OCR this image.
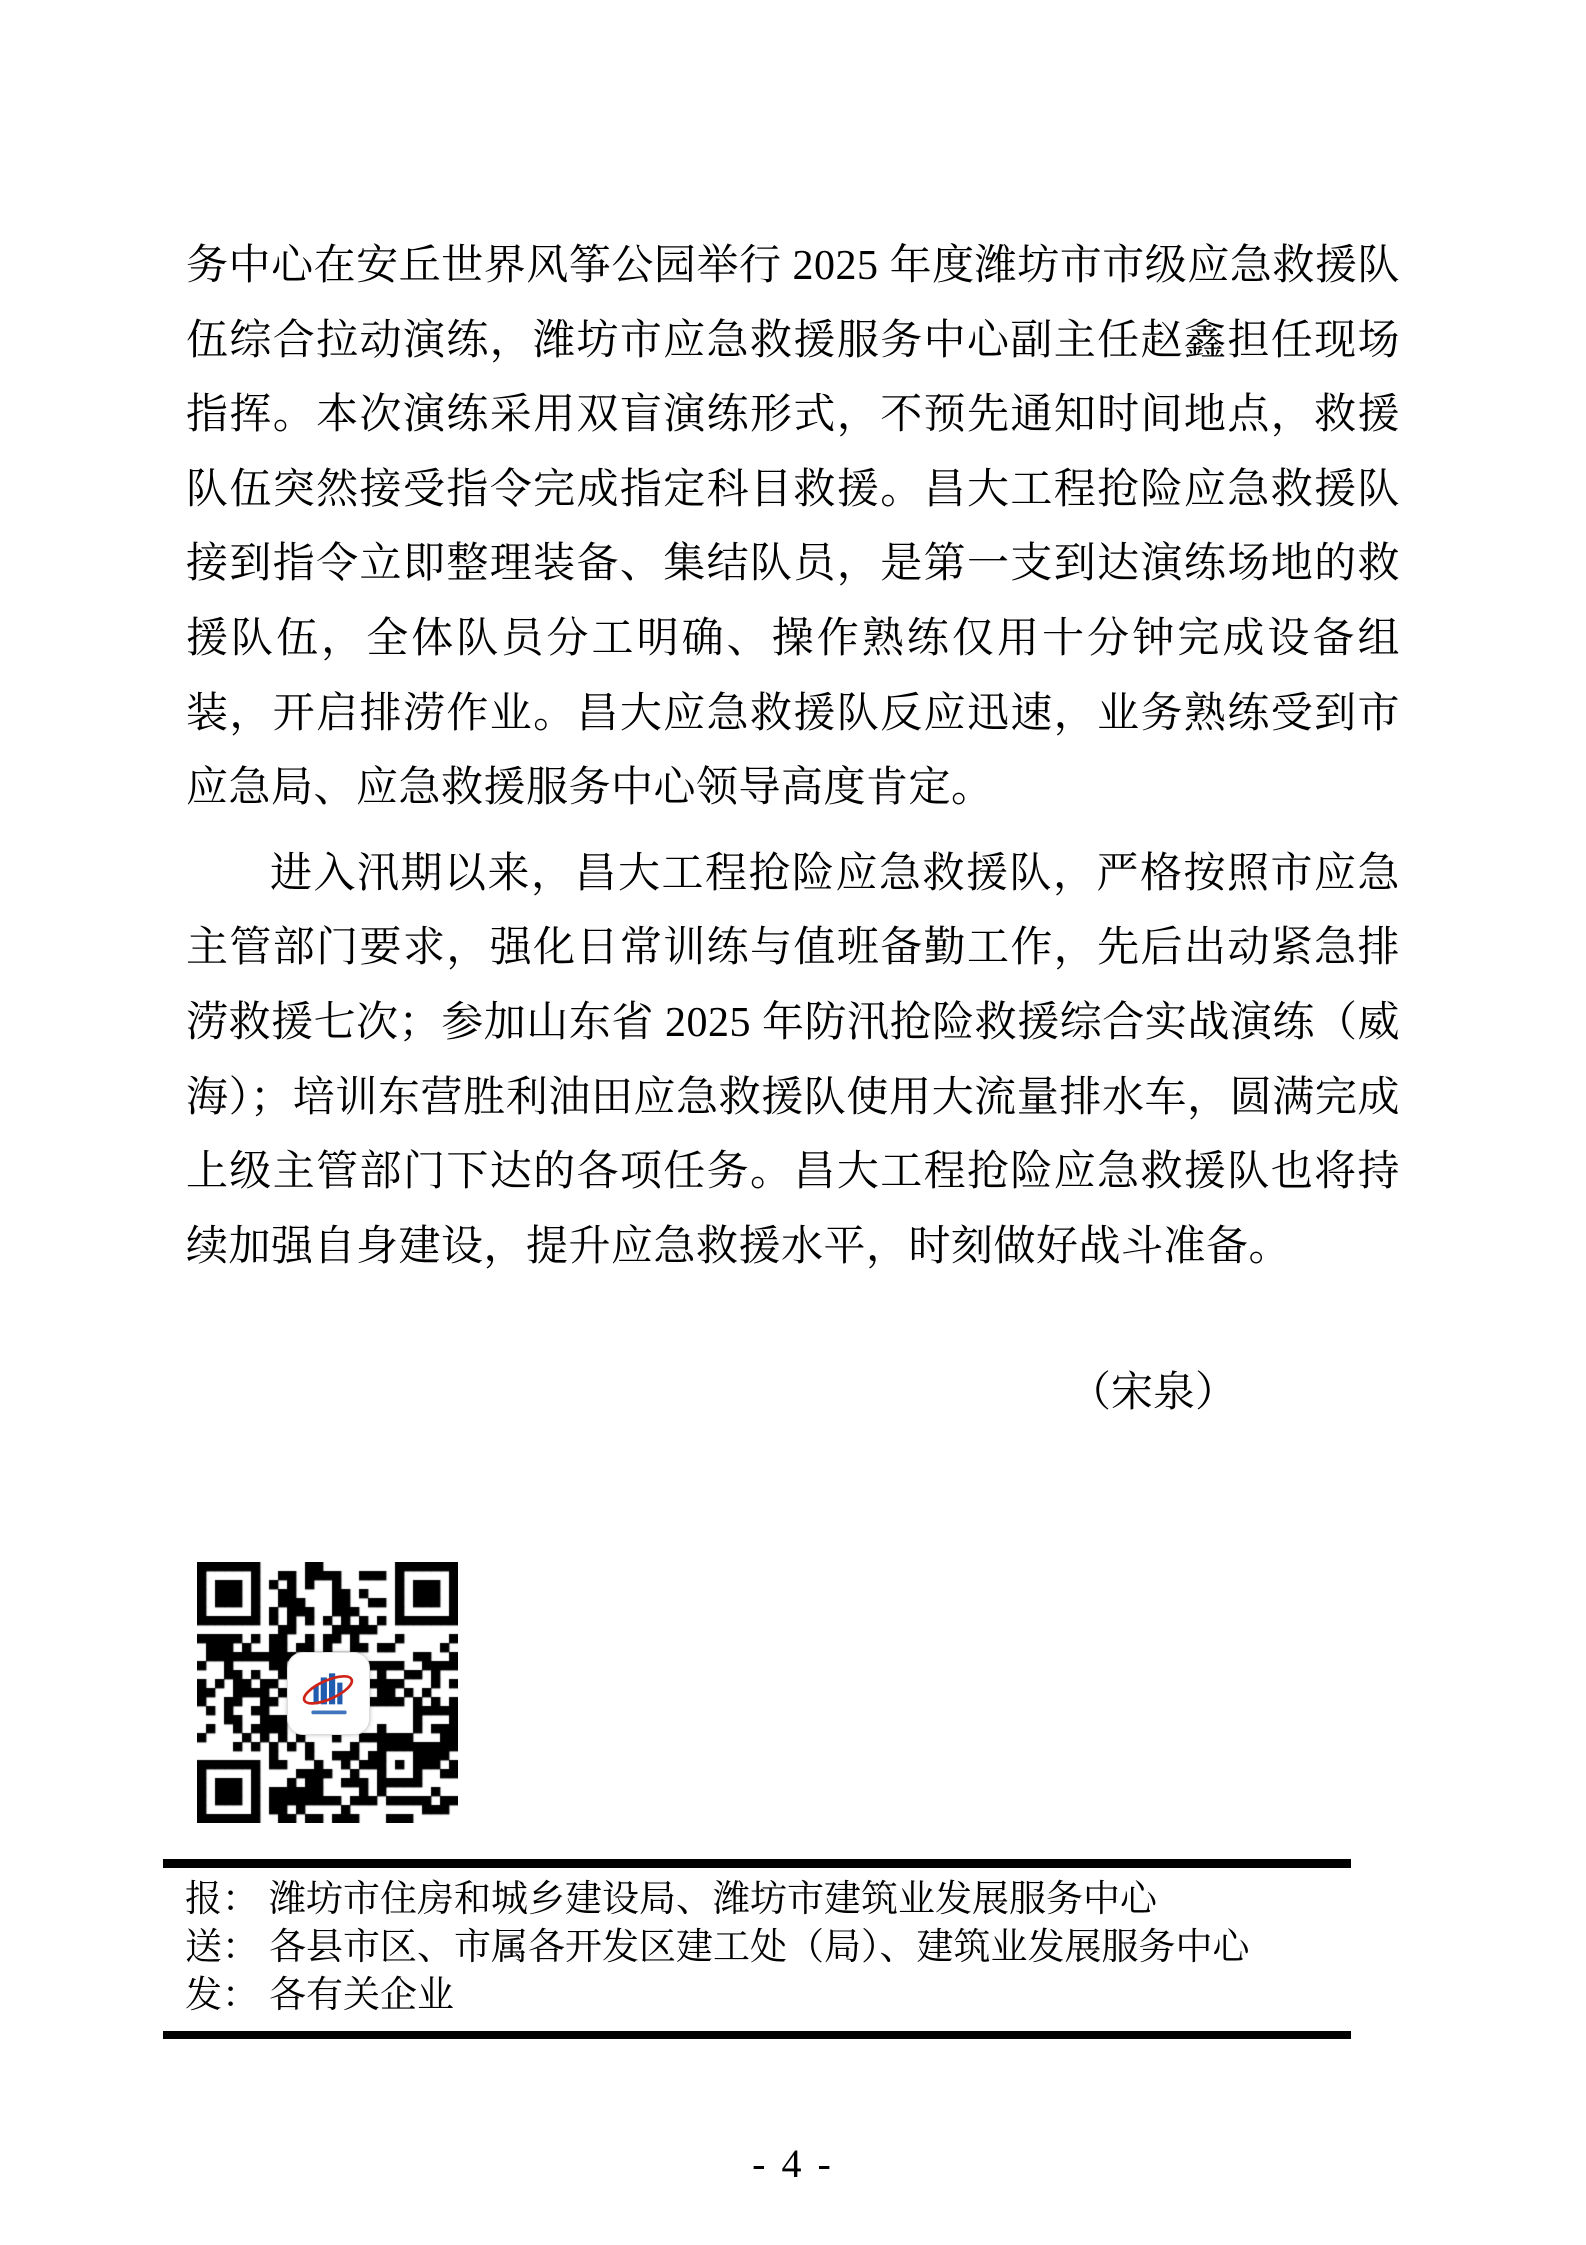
务中心在安丘世界风筝公园举行 2025 年度潍坊市市级应急救援队伍综合拉动演练，潍坊市应急救援服务中心副主任赵鑫担任现场指挥。本次演练采用双盲演练形式，不预先通知时间地点，救援队伍突然接受指令完成指定科目救援。昌大工程抢险应急救援队接到指令立即整理装备、集结队员，是第一支到达演练场地的救援队伍，全体队员分工明确、操作熟练仅用十分钟完成设备组装，开启排涝作业。昌大应急救援队反应迅速，业务熟练受到市应急局、应急救援服务中心领导高度肯定。

进入汛期以来，昌大工程抢险应急救援队，严格按照市应急主管部门要求，强化日常训练与值班备勤工作，先后出动紧急排涝救援七次；参加山东省 2025 年防汛抢险救援综合实战演练（威海）；培训东营胜利油田应急救援队使用大流量排水车，圆满完成上级主管部门下达的各项任务。昌大工程抢险应急救援队也将持续加强自身建设，提升应急救援水平，时刻做好战斗准备。

（宋泉）
报： 潍坊市住房和城乡建设局、潍坊市建筑业发展服务中心
送： 各县市区、市属各开发区建工处（局）、建筑业发展服务中心
发： 各有关企业
- 4 -
